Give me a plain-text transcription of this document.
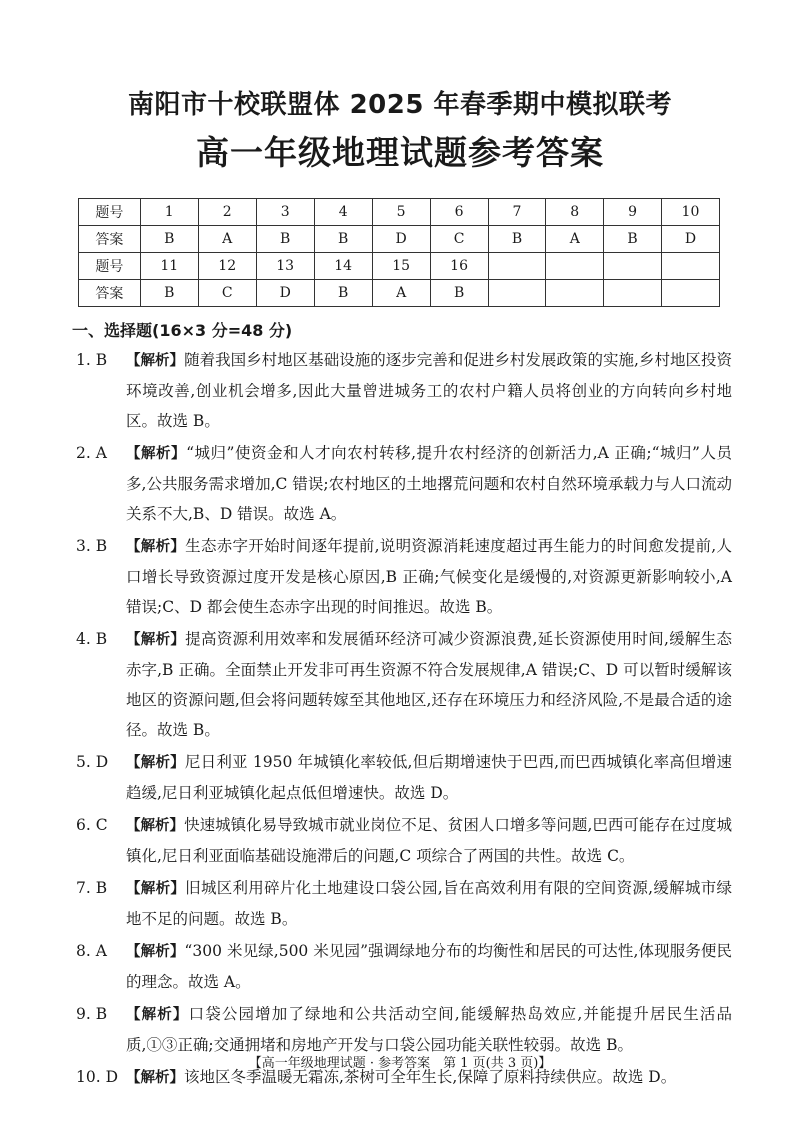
南阳市十校联盟体 2025 年春季期中模拟联考
高一年级地理试题参考答案
题号	1	2	3	4	5	6	7	8	9	10
答案	B	A	B	B	D	C	B	A	B	D
题号	11	12	13	14	15	16				
答案	B	C	D	B	A	B				
一、选择题(16×3 分=48 分)
1. B	【解析】随着我国乡村地区基础设施的逐步完善和促进乡村发展政策的实施,乡村地区投资环境改善,创业机会增多,因此大量曾进城务工的农村户籍人员将创业的方向转向乡村地区。故选 B。
2. A	【解析】“城归”使资金和人才向农村转移,提升农村经济的创新活力,A 正确;“城归”人员多,公共服务需求增加,C 错误;农村地区的土地撂荒问题和农村自然环境承载力与人口流动关系不大,B、D 错误。故选 A。
3. B	【解析】生态赤字开始时间逐年提前,说明资源消耗速度超过再生能力的时间愈发提前,人口增长导致资源过度开发是核心原因,B 正确;气候变化是缓慢的,对资源更新影响较小,A 错误;C、D 都会使生态赤字出现的时间推迟。故选 B。
4. B	【解析】提高资源利用效率和发展循环经济可减少资源浪费,延长资源使用时间,缓解生态赤字,B 正确。全面禁止开发非可再生资源不符合发展规律,A 错误;C、D 可以暂时缓解该地区的资源问题,但会将问题转嫁至其他地区,还存在环境压力和经济风险,不是最合适的途径。故选 B。
5. D	【解析】尼日利亚 1950 年城镇化率较低,但后期增速快于巴西,而巴西城镇化率高但增速趋缓,尼日利亚城镇化起点低但增速快。故选 D。
6. C	【解析】快速城镇化易导致城市就业岗位不足、贫困人口增多等问题,巴西可能存在过度城镇化,尼日利亚面临基础设施滞后的问题,C 项综合了两国的共性。故选 C。
7. B	【解析】旧城区利用碎片化土地建设口袋公园,旨在高效利用有限的空间资源,缓解城市绿地不足的问题。故选 B。
8. A	【解析】“300 米见绿,500 米见园”强调绿地分布的均衡性和居民的可达性,体现服务便民的理念。故选 A。
9. B	【解析】口袋公园增加了绿地和公共活动空间,能缓解热岛效应,并能提升居民生活品质,①③正确;交通拥堵和房地产开发与口袋公园功能关联性较弱。故选 B。
10. D 【解析】该地区冬季温暖无霜冻,茶树可全年生长,保障了原料持续供应。故选 D。
【高一年级地理试题 · 参考答案　第 1 页(共 3 页)】
